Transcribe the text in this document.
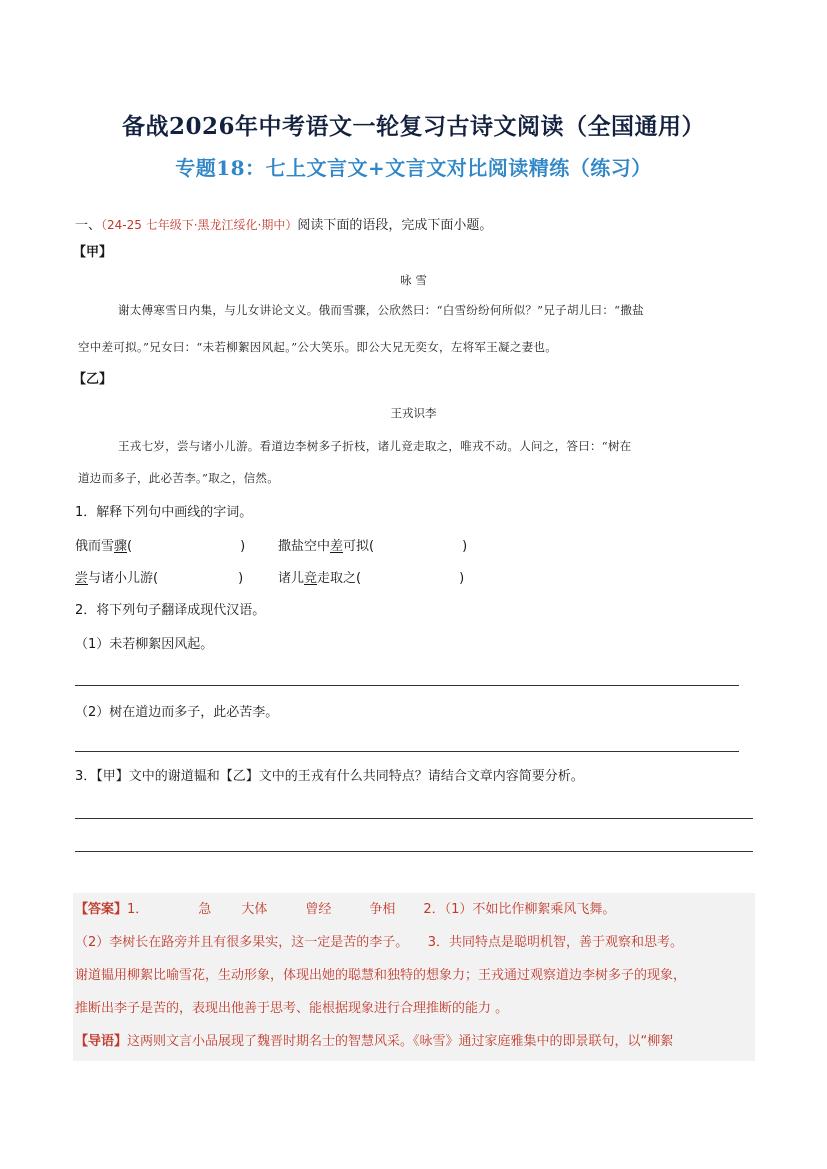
备战2026年中考语文一轮复习古诗文阅读（全国通用）
专题18：七上文言文+文言文对比阅读精练（练习）
一、（24-25 七年级下·黑龙江绥化·期中）阅读下面的语段，完成下面小题。
【甲】
咏 雪
谢太傅寒雪日内集，与儿女讲论文义。俄而雪骤，公欣然曰：“白雪纷纷何所似？”兄子胡儿曰：“撒盐
空中差可拟。”兄女曰：“未若柳絮因风起。”公大笑乐。即公大兄无奕女，左将军王凝之妻也。
【乙】
王戎识李
王戎七岁，尝与诸小儿游。看道边李树多子折枝，诸儿竞走取之，唯戎不动。人问之，答曰：“树在
道边而多子，此必苦李。”取之，信然。
1．解释下列句中画线的字词。
俄而雪骤(	)	撒盐空中差可拟(	)
尝与诸小儿游(	)	诸儿竞走取之(	)
2．将下列句子翻译成现代汉语。
（1）未若柳絮因风起。
（2）树在道边而多子，此必苦李。
3．【甲】文中的谢道韫和【乙】文中的王戎有什么共同特点？请结合文章内容简要分析。
【答案】1．	急 大体	曾经	争相 2．（1）不如比作柳絮乘风飞舞。
（2）李树长在路旁并且有很多果实，这一定是苦的李子。　　3．共同特点是聪明机智，善于观察和思考。
谢道韫用柳絮比喻雪花，生动形象，体现出她的聪慧和独特的想象力；王戎通过观察道边李树多子的现象，
推断出李子是苦的，表现出他善于思考、能根据现象进行合理推断的能力 。
【导语】这两则文言小品展现了魏晋时期名士的智慧风采。《咏雪》通过家庭雅集中的即景联句，以“柳絮
